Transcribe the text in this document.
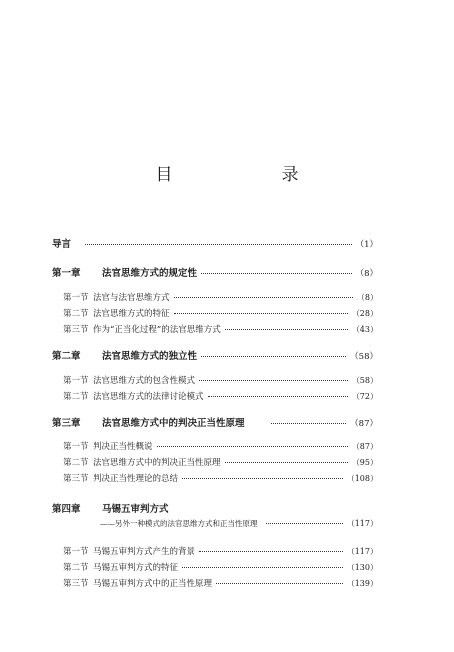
目　录
导言	（1）
第一章	法官思维方式的规定性	（8）
第一节 法官与法官思维方式	（8）
第二节 法官思维方式的特征	（28）
第三节 作为“正当化过程”的法官思维方式	（43）
第二章	法官思维方式的独立性	（58）
第一节 法官思维方式的包含性模式	（58）
第二节 法官思维方式的法律讨论模式	（72）
第三章	法官思维方式中的判决正当性原理	（87）
第一节 判决正当性概说	（87）
第二节 法官思维方式中的判决正当性原理	（95）
第三节 判决正当性理论的总结	（108）
第四章	马锡五审判方式
——另外一种模式的法官思维方式和正当性原理	（117）
第一节 马锡五审判方式产生的背景	（117）
第二节 马锡五审判方式的特征	（130）
第三节 马锡五审判方式中的正当性原理	（139）
